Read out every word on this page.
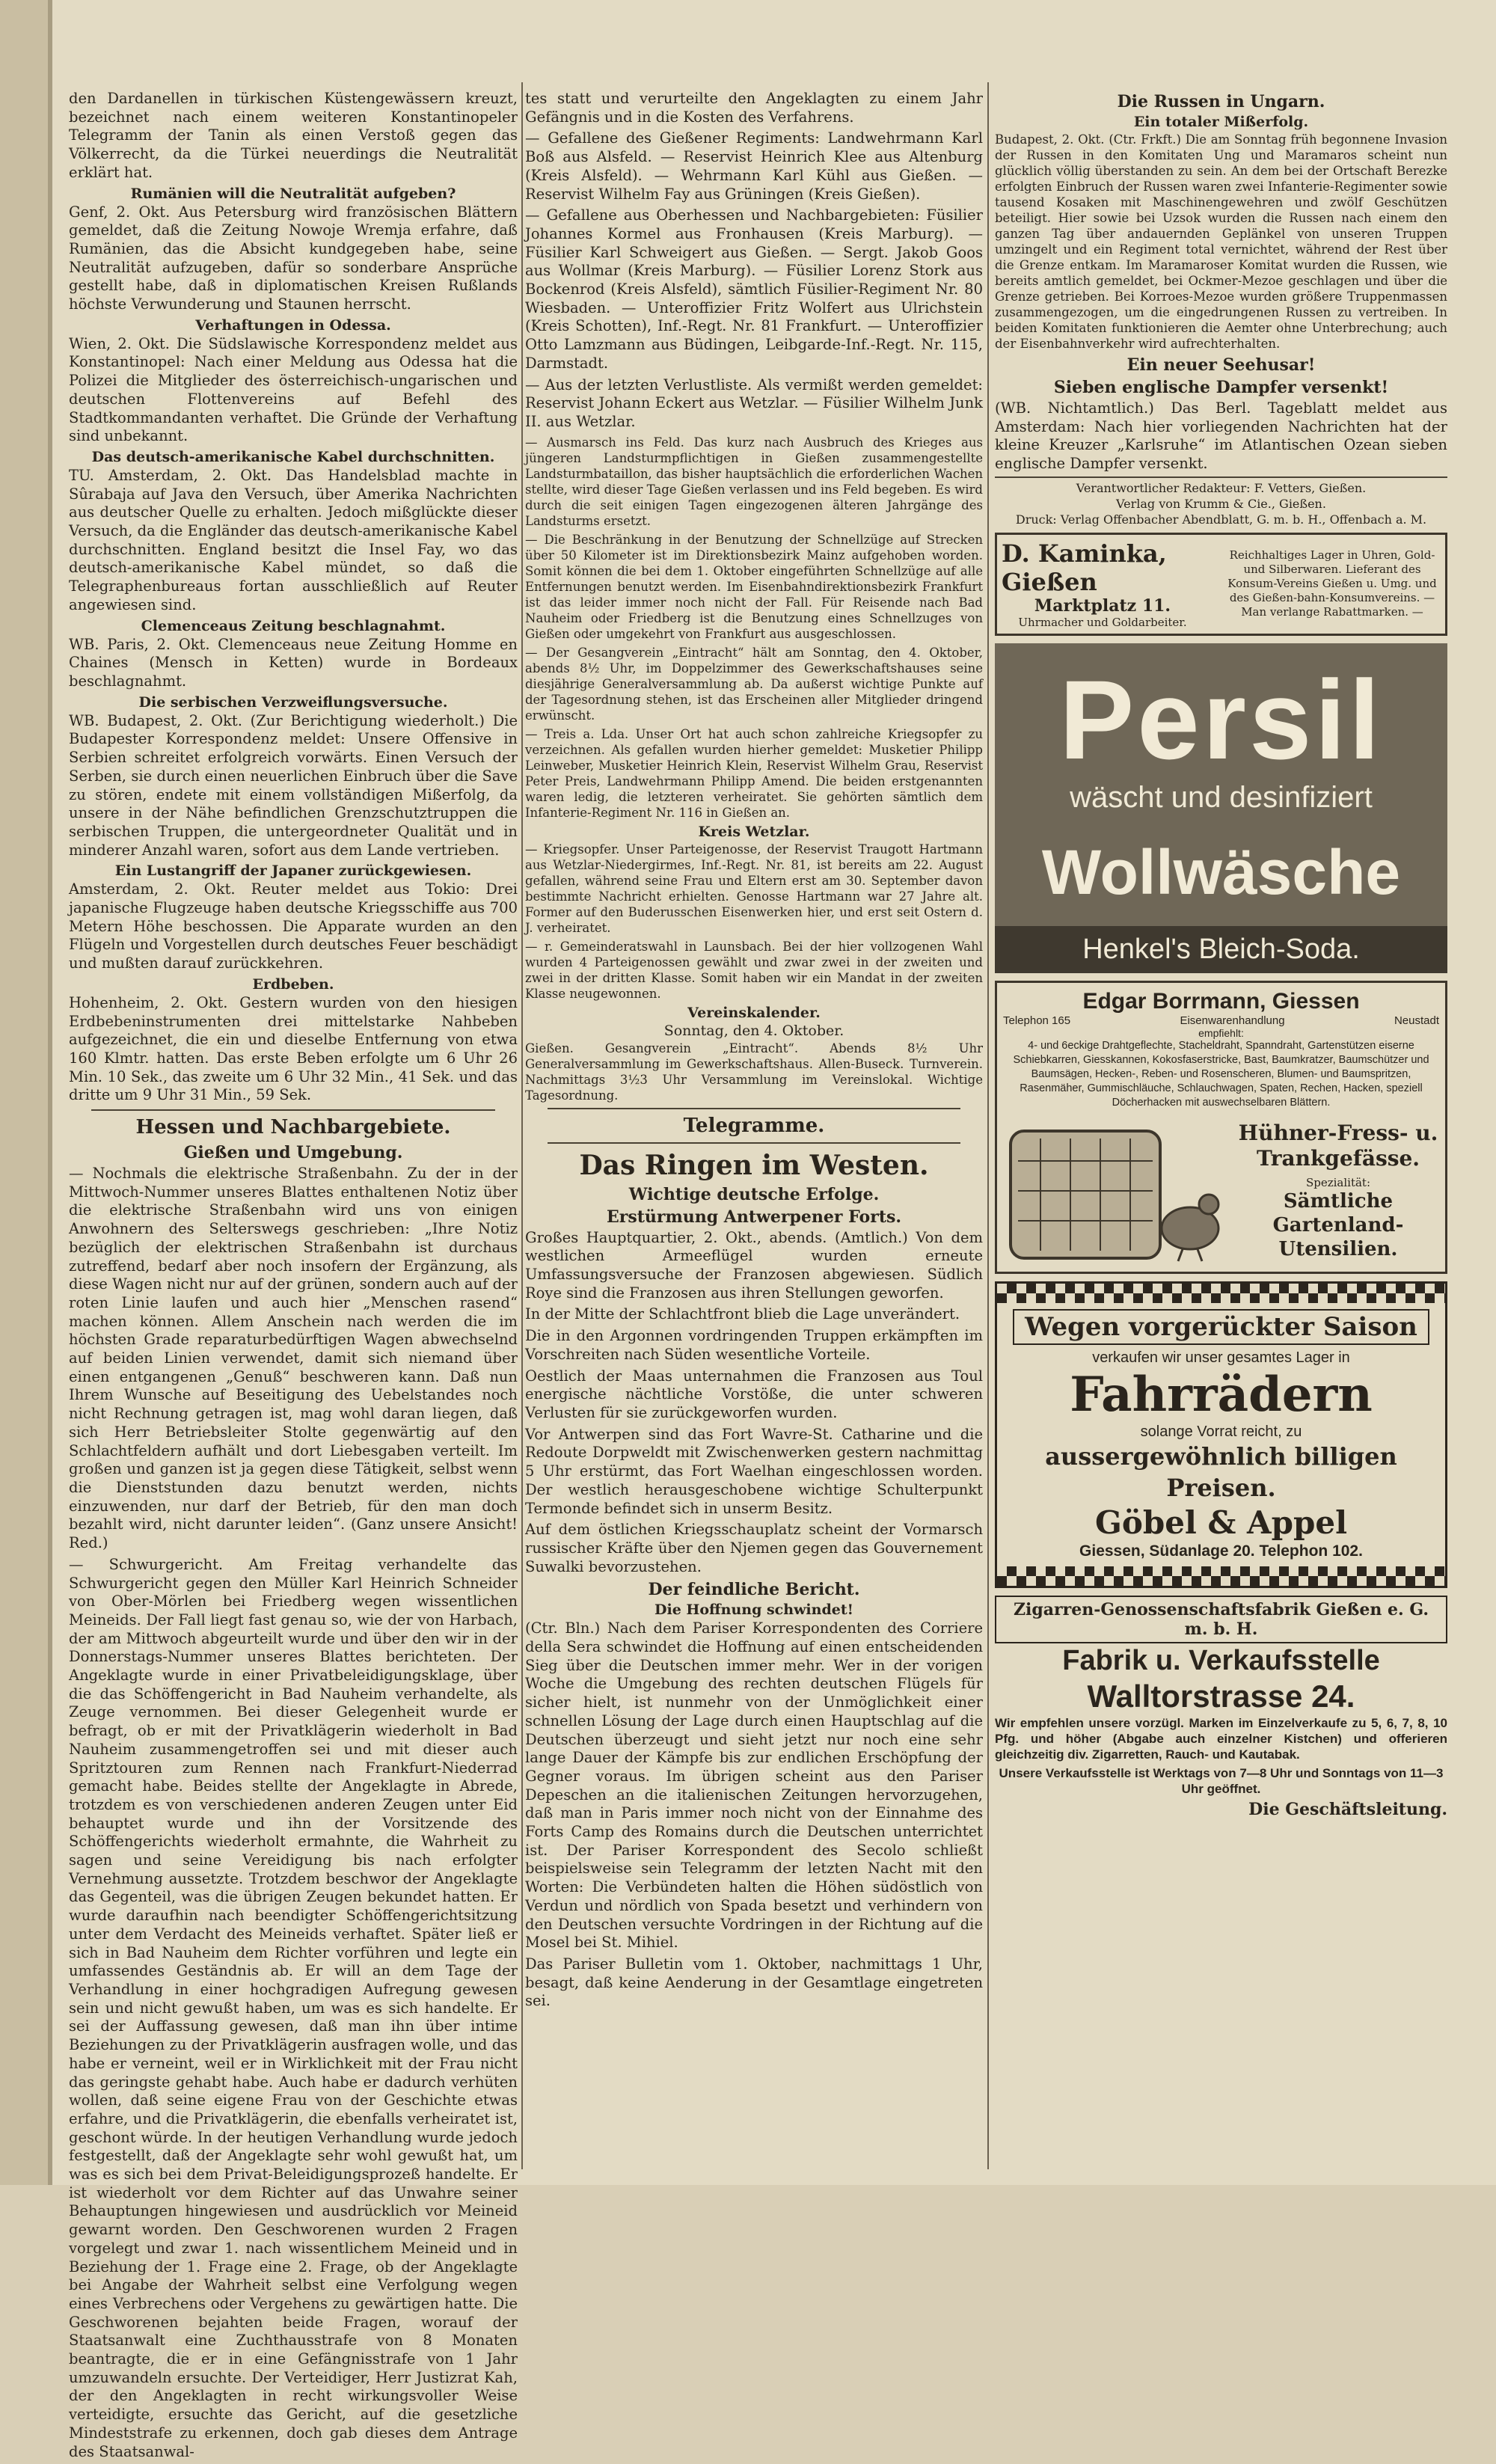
den Dardanellen in türkischen Küstengewässern kreuzt, bezeichnet nach einem weiteren Konstantinopeler Telegramm der Tanin als einen Verstoß gegen das Völkerrecht, da die Türkei neuerdings die Neutralität erklärt hat.

Rumänien will die Neutralität aufgeben?

Genf, 2. Okt. Aus Petersburg wird französischen Blättern gemeldet, daß die Zeitung Nowoje Wremja erfahre, daß Rumänien, das die Absicht kundgegeben habe, seine Neutralität aufzugeben, dafür so sonderbare Ansprüche gestellt habe, daß in diplomatischen Kreisen Rußlands höchste Verwunderung und Staunen herrscht.

Verhaftungen in Odessa.

Wien, 2. Okt. Die Südslawische Korrespondenz meldet aus Konstantinopel: Nach einer Meldung aus Odessa hat die Polizei die Mitglieder des österreichisch-ungarischen und deutschen Flottenvereins auf Befehl des Stadtkommandanten verhaftet. Die Gründe der Verhaftung sind unbekannt.

Das deutsch-amerikanische Kabel durchschnitten.

TU. Amsterdam, 2. Okt. Das Handelsblad machte in Sûrabaja auf Java den Versuch, über Amerika Nachrichten aus deutscher Quelle zu erhalten. Jedoch mißglückte dieser Versuch, da die Engländer das deutsch-amerikanische Kabel durchschnitten. England besitzt die Insel Fay, wo das deutsch-amerikanische Kabel mündet, so daß die Telegraphenbureaus fortan ausschließlich auf Reuter angewiesen sind.

Clemenceaus Zeitung beschlagnahmt.

WB. Paris, 2. Okt. Clemenceaus neue Zeitung Homme en Chaines (Mensch in Ketten) wurde in Bordeaux beschlagnahmt.

Die serbischen Verzweiflungsversuche.

WB. Budapest, 2. Okt. (Zur Berichtigung wiederholt.) Die Budapester Korrespondenz meldet: Unsere Offensive in Serbien schreitet erfolgreich vorwärts. Einen Versuch der Serben, sie durch einen neuerlichen Einbruch über die Save zu stören, endete mit einem vollständigen Mißerfolg, da unsere in der Nähe befindlichen Grenzschutztruppen die serbischen Truppen, die untergeordneter Qualität und in minderer Anzahl waren, sofort aus dem Lande vertrieben.

Ein Lustangriff der Japaner zurückgewiesen.

Amsterdam, 2. Okt. Reuter meldet aus Tokio: Drei japanische Flugzeuge haben deutsche Kriegsschiffe aus 700 Metern Höhe beschossen. Die Apparate wurden an den Flügeln und Vorgestellen durch deutsches Feuer beschädigt und mußten darauf zurückkehren.

Erdbeben.

Hohenheim, 2. Okt. Gestern wurden von den hiesigen Erdbebeninstrumenten drei mittelstarke Nahbeben aufgezeichnet, die ein und dieselbe Entfernung von etwa 160 Klmtr. hatten. Das erste Beben erfolgte um 6 Uhr 26 Min. 10 Sek., das zweite um 6 Uhr 32 Min., 41 Sek. und das dritte um 9 Uhr 31 Min., 59 Sek.

Hessen und Nachbargebiete.
Gießen und Umgebung.

— Nochmals die elektrische Straßenbahn. Zu der in der Mittwoch-Nummer unseres Blattes enthaltenen Notiz über die elektrische Straßenbahn wird uns von einigen Anwohnern des Selterswegs geschrieben: „Ihre Notiz bezüglich der elektrischen Straßenbahn ist durchaus zutreffend, bedarf aber noch insofern der Ergänzung, als diese Wagen nicht nur auf der grünen, sondern auch auf der roten Linie laufen und auch hier „Menschen rasend“ machen können. Allem Anschein nach werden die im höchsten Grade reparaturbedürftigen Wagen abwechselnd auf beiden Linien verwendet, damit sich niemand über einen entgangenen „Genuß“ beschweren kann. Daß nun Ihrem Wunsche auf Beseitigung des Uebelstandes noch nicht Rechnung getragen ist, mag wohl daran liegen, daß sich Herr Betriebsleiter Stolte gegenwärtig auf den Schlachtfeldern aufhält und dort Liebesgaben verteilt. Im großen und ganzen ist ja gegen diese Tätigkeit, selbst wenn die Dienststunden dazu benutzt werden, nichts einzuwenden, nur darf der Betrieb, für den man doch bezahlt wird, nicht darunter leiden“. (Ganz unsere Ansicht! Red.)

— Schwurgericht. Am Freitag verhandelte das Schwurgericht gegen den Müller Karl Heinrich Schneider von Ober-Mörlen bei Friedberg wegen wissentlichen Meineids. Der Fall liegt fast genau so, wie der von Harbach, der am Mittwoch abgeurteilt wurde und über den wir in der Donnerstags-Nummer unseres Blattes berichteten. Der Angeklagte wurde in einer Privatbeleidigungsklage, über die das Schöffengericht in Bad Nauheim verhandelte, als Zeuge vernommen. Bei dieser Gelegenheit wurde er befragt, ob er mit der Privatklägerin wiederholt in Bad Nauheim zusammengetroffen sei und mit dieser auch Spritztouren zum Rennen nach Frankfurt-Niederrad gemacht habe. Beides stellte der Angeklagte in Abrede, trotzdem es von verschiedenen anderen Zeugen unter Eid behauptet wurde und ihn der Vorsitzende des Schöffengerichts wiederholt ermahnte, die Wahrheit zu sagen und seine Vereidigung bis nach erfolgter Vernehmung aussetzte. Trotzdem beschwor der Angeklagte das Gegenteil, was die übrigen Zeugen bekundet hatten. Er wurde daraufhin nach beendigter Schöffengerichtsitzung unter dem Verdacht des Meineids verhaftet. Später ließ er sich in Bad Nauheim dem Richter vorführen und legte ein umfassendes Geständnis ab. Er will an dem Tage der Verhandlung in einer hochgradigen Aufregung gewesen sein und nicht gewußt haben, um was es sich handelte. Er sei der Auffassung gewesen, daß man ihn über intime Beziehungen zu der Privatklägerin ausfragen wolle, und das habe er verneint, weil er in Wirklichkeit mit der Frau nicht das geringste gehabt habe. Auch habe er dadurch verhüten wollen, daß seine eigene Frau von der Geschichte etwas erfahre, und die Privatklägerin, die ebenfalls verheiratet ist, geschont würde. In der heutigen Verhandlung wurde jedoch festgestellt, daß der Angeklagte sehr wohl gewußt hat, um was es sich bei dem Privat-Beleidigungsprozeß handelte. Er ist wiederholt vor dem Richter auf das Unwahre seiner Behauptungen hingewiesen und ausdrücklich vor Meineid gewarnt worden. Den Geschworenen wurden 2 Fragen vorgelegt und zwar 1. nach wissentlichem Meineid und in Beziehung der 1. Frage eine 2. Frage, ob der Angeklagte bei Angabe der Wahrheit selbst eine Verfolgung wegen eines Verbrechens oder Vergehens zu gewärtigen hatte. Die Geschworenen bejahten beide Fragen, worauf der Staatsanwalt eine Zuchthausstrafe von 8 Monaten beantragte, die er in eine Gefängnisstrafe von 1 Jahr umzuwandeln ersuchte. Der Verteidiger, Herr Justizrat Kah, der den Angeklagten in recht wirkungsvoller Weise verteidigte, ersuchte das Gericht, auf die gesetzliche Mindeststrafe zu erkennen, doch gab dieses dem Antrage des Staatsanwal-

tes statt und verurteilte den Angeklagten zu einem Jahr Gefängnis und in die Kosten des Verfahrens.

— Gefallene des Gießener Regiments: Landwehrmann Karl Boß aus Alsfeld. — Reservist Heinrich Klee aus Altenburg (Kreis Alsfeld). — Wehrmann Karl Kühl aus Gießen. — Reservist Wilhelm Fay aus Grüningen (Kreis Gießen).

— Gefallene aus Oberhessen und Nachbargebieten: Füsilier Johannes Kormel aus Fronhausen (Kreis Marburg). — Füsilier Karl Schweigert aus Gießen. — Sergt. Jakob Goos aus Wollmar (Kreis Marburg). — Füsilier Lorenz Stork aus Bockenrod (Kreis Alsfeld), sämtlich Füsilier-Regiment Nr. 80 Wiesbaden. — Unteroffizier Fritz Wolfert aus Ulrichstein (Kreis Schotten), Inf.-Regt. Nr. 81 Frankfurt. — Unteroffizier Otto Lamzmann aus Büdingen, Leibgarde-Inf.-Regt. Nr. 115, Darmstadt.

— Aus der letzten Verlustliste. Als vermißt werden gemeldet: Reservist Johann Eckert aus Wetzlar. — Füsilier Wilhelm Junk II. aus Wetzlar.

— Ausmarsch ins Feld. Das kurz nach Ausbruch des Krieges aus jüngeren Landsturmpflichtigen in Gießen zusammengestellte Landsturmbataillon, das bisher hauptsächlich die erforderlichen Wachen stellte, wird dieser Tage Gießen verlassen und ins Feld begeben. Es wird durch die seit einigen Tagen eingezogenen älteren Jahrgänge des Landsturms ersetzt.

— Die Beschränkung in der Benutzung der Schnellzüge auf Strecken über 50 Kilometer ist im Direktionsbezirk Mainz aufgehoben worden. Somit können die bei dem 1. Oktober eingeführten Schnellzüge auf alle Entfernungen benutzt werden. Im Eisenbahndirektionsbezirk Frankfurt ist das leider immer noch nicht der Fall. Für Reisende nach Bad Nauheim oder Friedberg ist die Benutzung eines Schnellzuges von Gießen oder umgekehrt von Frankfurt aus ausgeschlossen.

— Der Gesangverein „Eintracht“ hält am Sonntag, den 4. Oktober, abends 8½ Uhr, im Doppelzimmer des Gewerkschaftshauses seine diesjährige Generalversammlung ab. Da außerst wichtige Punkte auf der Tagesordnung stehen, ist das Erscheinen aller Mitglieder dringend erwünscht.

— Treis a. Lda. Unser Ort hat auch schon zahlreiche Kriegsopfer zu verzeichnen. Als gefallen wurden hierher gemeldet: Musketier Philipp Leinweber, Musketier Heinrich Klein, Reservist Wilhelm Grau, Reservist Peter Preis, Landwehrmann Philipp Amend. Die beiden erstgenannten waren ledig, die letzteren verheiratet. Sie gehörten sämtlich dem Infanterie-Regiment Nr. 116 in Gießen an.

Kreis Wetzlar.

— Kriegsopfer. Unser Parteigenosse, der Reservist Traugott Hartmann aus Wetzlar-Niedergirmes, Inf.-Regt. Nr. 81, ist bereits am 22. August gefallen, während seine Frau und Eltern erst am 30. September davon bestimmte Nachricht erhielten. Genosse Hartmann war 27 Jahre alt. Former auf den Buderusschen Eisenwerken hier, und erst seit Ostern d. J. verheiratet.

— r. Gemeinderatswahl in Launsbach. Bei der hier vollzogenen Wahl wurden 4 Parteigenossen gewählt und zwar zwei in der zweiten und zwei in der dritten Klasse. Somit haben wir ein Mandat in der zweiten Klasse neugewonnen.

Vereinskalender.
Sonntag, den 4. Oktober.

Gießen. Gesangverein „Eintracht“. Abends 8½ Uhr Generalversammlung im Gewerkschaftshaus. Allen-Buseck. Turnverein. Nachmittags 3½3 Uhr Versammlung im Vereinslokal. Wichtige Tagesordnung.

Telegramme.
Das Ringen im Westen.
Wichtige deutsche Erfolge.
Erstürmung Antwerpener Forts.

Großes Hauptquartier, 2. Okt., abends. (Amtlich.) Von dem westlichen Armeeflügel wurden erneute Umfassungsversuche der Franzosen abgewiesen. Südlich Roye sind die Franzosen aus ihren Stellungen geworfen.

In der Mitte der Schlachtfront blieb die Lage unverändert.

Die in den Argonnen vordringenden Truppen erkämpften im Vorschreiten nach Süden wesentliche Vorteile.

Oestlich der Maas unternahmen die Franzosen aus Toul energische nächtliche Vorstöße, die unter schweren Verlusten für sie zurückgeworfen wurden.

Vor Antwerpen sind das Fort Wavre-St. Catharine und die Redoute Dorpweldt mit Zwischenwerken gestern nachmittag 5 Uhr erstürmt, das Fort Waelhan eingeschlossen worden. Der westlich herausgeschobene wichtige Schulterpunkt Termonde befindet sich in unserm Besitz.

Auf dem östlichen Kriegsschauplatz scheint der Vormarsch russischer Kräfte über den Njemen gegen das Gouvernement Suwalki bevorzustehen.

Der feindliche Bericht.
Die Hoffnung schwindet!

(Ctr. Bln.) Nach dem Pariser Korrespondenten des Corriere della Sera schwindet die Hoffnung auf einen entscheidenden Sieg über die Deutschen immer mehr. Wer in der vorigen Woche die Umgebung des rechten deutschen Flügels für sicher hielt, ist nunmehr von der Unmöglichkeit einer schnellen Lösung der Lage durch einen Hauptschlag auf die Deutschen überzeugt und sieht jetzt nur noch eine sehr lange Dauer der Kämpfe bis zur endlichen Erschöpfung der Gegner voraus. Im übrigen scheint aus den Pariser Depeschen an die italienischen Zeitungen hervorzugehen, daß man in Paris immer noch nicht von der Einnahme des Forts Camp des Romains durch die Deutschen unterrichtet ist. Der Pariser Korrespondent des Secolo schließt beispielsweise sein Telegramm der letzten Nacht mit den Worten: Die Verbündeten halten die Höhen südöstlich von Verdun und nördlich von Spada besetzt und verhindern von den Deutschen versuchte Vordringen in der Richtung auf die Mosel bei St. Mihiel.

Das Pariser Bulletin vom 1. Oktober, nachmittags 1 Uhr, besagt, daß keine Aenderung in der Gesamtlage eingetreten sei.

Die Russen in Ungarn.
Ein totaler Mißerfolg.

Budapest, 2. Okt. (Ctr. Frkft.) Die am Sonntag früh begonnene Invasion der Russen in den Komitaten Ung und Maramaros scheint nun glücklich völlig überstanden zu sein. An dem bei der Ortschaft Berezke erfolgten Einbruch der Russen waren zwei Infanterie-Regimenter sowie tausend Kosaken mit Maschinengewehren und zwölf Geschützen beteiligt. Hier sowie bei Uzsok wurden die Russen nach einem den ganzen Tag über andauernden Geplänkel von unseren Truppen umzingelt und ein Regiment total vernichtet, während der Rest über die Grenze entkam. Im Maramaroser Komitat wurden die Russen, wie bereits amtlich gemeldet, bei Ockmer-Mezoe geschlagen und über die Grenze getrieben. Bei Korroes-Mezoe wurden größere Truppenmassen zusammengezogen, um die eingedrungenen Russen zu vertreiben. In beiden Komitaten funktionieren die Aemter ohne Unterbrechung; auch der Eisenbahnverkehr wird aufrechterhalten.

Ein neuer Seehusar!
Sieben englische Dampfer versenkt!

(WB. Nichtamtlich.) Das Berl. Tageblatt meldet aus Amsterdam: Nach hier vorliegenden Nachrichten hat der kleine Kreuzer „Karlsruhe“ im Atlantischen Ozean sieben englische Dampfer versenkt.

Verantwortlicher Redakteur: F. Vetters, Gießen.
Verlag von Krumm & Cie., Gießen.
Druck: Verlag Offenbacher Abendblatt, G. m. b. H., Offenbach a. M.
D. Kaminka, Gießen
Marktplatz 11.
Uhrmacher und Goldarbeiter.
Reichhaltiges Lager in Uhren, Gold- und Silberwaren. Lieferant des Konsum-Vereins Gießen u. Umg. und des Gießen-bahn-Konsumvereins. — Man verlange Rabattmarken. —
Persil
wäscht und desinfiziert
Wollwäsche
Henkel's Bleich-Soda.
Edgar Borrmann, Giessen
Telephon 165	Eisenwarenhandlung	Neustadt
empfiehlt:
4- und 6eckige Drahtgeflechte, Stacheldraht, Spanndraht, Gartenstützen eiserne Schiebkarren, Giesskannen, Kokosfaserstricke, Bast, Baumkratzer, Baumschützer und Baumsägen, Hecken-, Reben- und Rosenscheren, Blumen- und Baumspritzen, Rasenmäher, Gummischläuche, Schlauchwagen, Spaten, Rechen, Hacken, speziell Döcherhacken mit auswechselbaren Blättern.
Hühner-Fress- u. Trankgefässe.
Spezialität:
Sämtliche Gartenland-Utensilien.
Wegen vorgerückter Saison
verkaufen wir unser gesamtes Lager in
Fahrrädern
solange Vorrat reicht, zu
aussergewöhnlich billigen Preisen.
Göbel & Appel
Giessen, Südanlage 20. Telephon 102.
Zigarren-Genossenschaftsfabrik Gießen e. G. m. b. H.
Fabrik u. Verkaufsstelle
Walltorstrasse 24.
Wir empfehlen unsere vorzügl. Marken im Einzelverkaufe zu 5, 6, 7, 8, 10 Pfg. und höher (Abgabe auch einzelner Kistchen) und offerieren gleichzeitig div. Zigarretten, Rauch- und Kautabak.
Unsere Verkaufsstelle ist Werktags von 7—8 Uhr und Sonntags von 11—3 Uhr geöffnet.
Die Geschäftsleitung.
